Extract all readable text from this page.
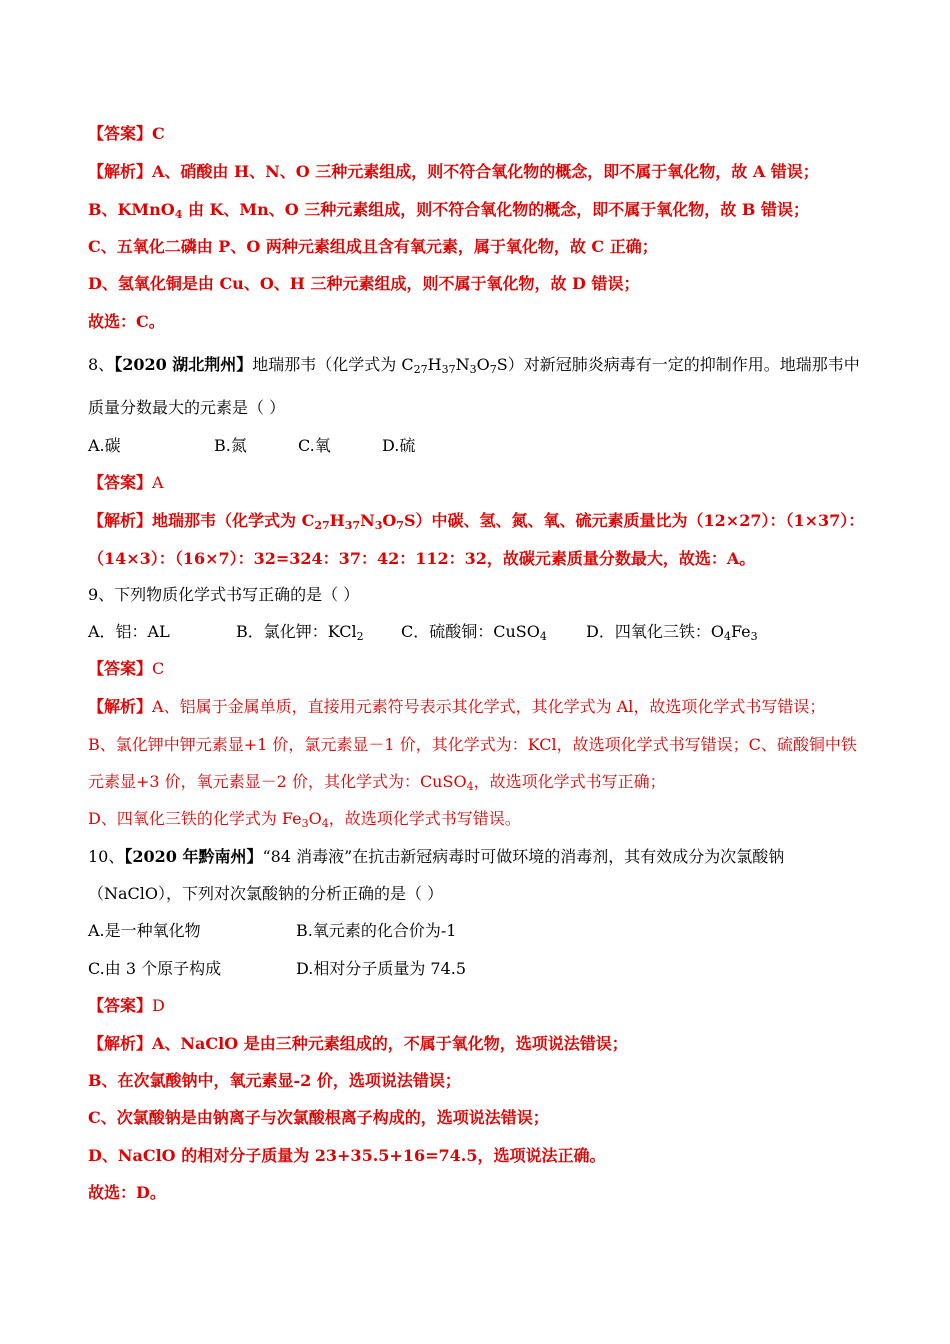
【答案】C
【解析】A、硝酸由 H、N、O 三种元素组成，则不符合氧化物的概念，即不属于氧化物，故 A 错误；
B、KMnO$_4$ 由 K、Mn、O 三种元素组成，则不符合氧化物的概念，即不属于氧化物，故 B 错误；
C、五氧化二磷由 P、O 两种元素组成且含有氧元素，属于氧化物，故 C 正确；
D、氢氧化铜是由 Cu、O、H 三种元素组成，则不属于氧化物，故 D 错误；
故选：C。
8、【2020 湖北荆州】地瑞那韦（化学式为 $C_{27}H_{37}N_3O_7S$）对新冠肺炎病毒有一定的抑制作用。地瑞那韦中
质量分数最大的元素是（ ）
A.碳	B.氮	C.氧	D.硫
【答案】A
【解析】地瑞那韦（化学式为 $C_{27}H_{37}N_3O_7S$）中碳、氢、氮、氧、硫元素质量比为（12×27）：（1×37）：
（14×3）：（16×7）：32=324：37：42：112：32，故碳元素质量分数最大，故选：A。
9、下列物质化学式书写正确的是（ ）
A．铝：AL	B．氯化钾：KCl$_2$ C．硫酸铜：CuSO$_4$ D．四氧化三铁：$O_4Fe_3$
【答案】C
【解析】A、铝属于金属单质，直接用元素符号表示其化学式，其化学式为 Al，故选项化学式书写错误；
B、氯化钾中钾元素显+1 价，氯元素显－1 价，其化学式为：KCl，故选项化学式书写错误；C、硫酸铜中铁
元素显+3 价，氧元素显－2 价，其化学式为：CuSO$_4$，故选项化学式书写正确；
D、四氧化三铁的化学式为 $Fe_3O_4$，故选项化学式书写错误。
10、【2020 年黔南州】“84 消毒液”在抗击新冠病毒时可做环境的消毒剂，其有效成分为次氯酸钠
（NaClO），下列对次氯酸钠的分析正确的是（ ）
A.是一种氧化物	B.氧元素的化合价为-1
C.由 3 个原子构成	D.相对分子质量为 74.5
【答案】D
【解析】A、NaClO 是由三种元素组成的，不属于氧化物，选项说法错误；
B、在次氯酸钠中，氧元素显-2 价，选项说法错误；
C、次氯酸钠是由钠离子与次氯酸根离子构成的，选项说法错误；
D、NaClO 的相对分子质量为 23+35.5+16=74.5，选项说法正确。
故选：D。
